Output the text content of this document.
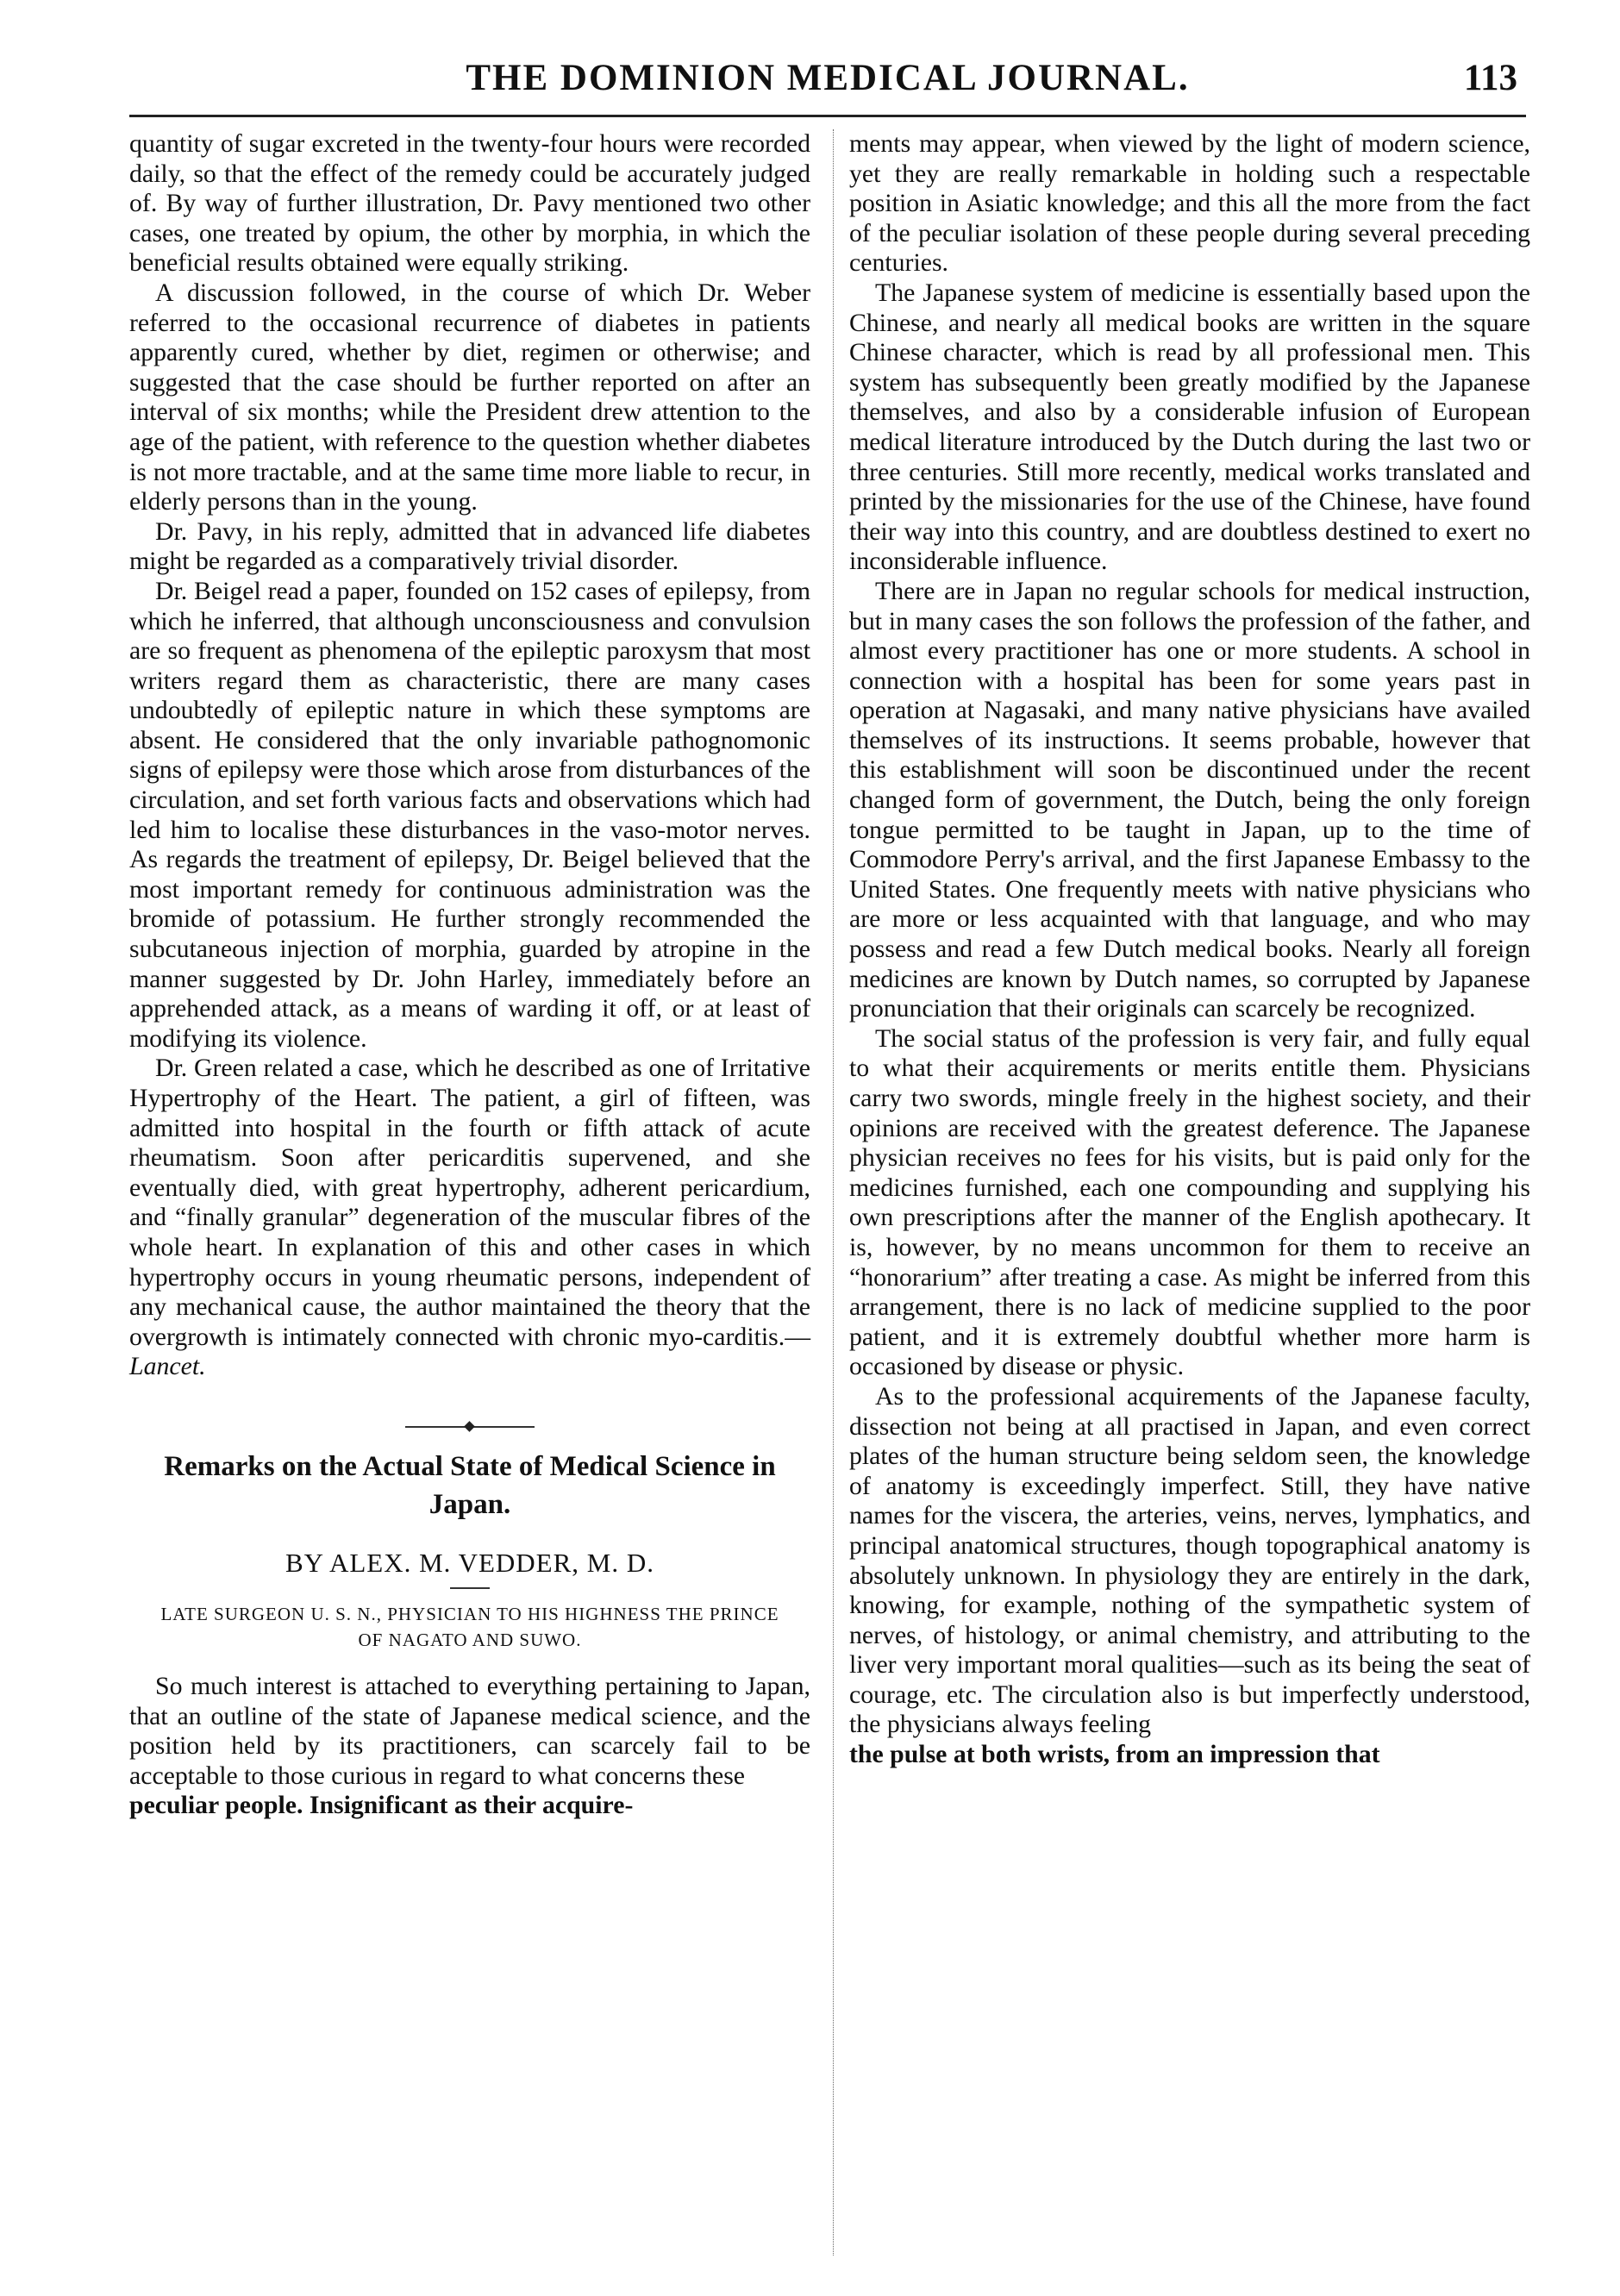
THE DOMINION MEDICAL JOURNAL.	113

quantity of sugar excreted in the twenty-four hours were recorded daily, so that the effect of the remedy could be accurately judged of. By way of further illustration, Dr. Pavy mentioned two other cases, one treated by opium, the other by morphia, in which the beneficial results obtained were equally striking.

A discussion followed, in the course of which Dr. Weber referred to the occasional recurrence of diabetes in patients apparently cured, whether by diet, regimen or otherwise; and suggested that the case should be further reported on after an interval of six months; while the President drew attention to the age of the patient, with reference to the question whether diabetes is not more tractable, and at the same time more liable to recur, in elderly persons than in the young.

Dr. Pavy, in his reply, admitted that in advanced life diabetes might be regarded as a comparatively trivial disorder.

Dr. Beigel read a paper, founded on 152 cases of epilepsy, from which he inferred, that although unconsciousness and convulsion are so frequent as phenomena of the epileptic paroxysm that most writers regard them as characteristic, there are many cases undoubtedly of epileptic nature in which these symptoms are absent. He considered that the only invariable pathognomonic signs of epilepsy were those which arose from disturbances of the circulation, and set forth various facts and observations which had led him to localise these disturbances in the vaso-motor nerves. As regards the treatment of epilepsy, Dr. Beigel believed that the most important remedy for continuous administration was the bromide of potassium. He further strongly recommended the subcutaneous injection of morphia, guarded by atropine in the manner suggested by Dr. John Harley, immediately before an apprehended attack, as a means of warding it off, or at least of modifying its violence.

Dr. Green related a case, which he described as one of Irritative Hypertrophy of the Heart. The patient, a girl of fifteen, was admitted into hospital in the fourth or fifth attack of acute rheumatism. Soon after pericarditis supervened, and she eventually died, with great hypertrophy, adherent pericardium, and “finally granular” degeneration of the muscular fibres of the whole heart. In explanation of this and other cases in which hypertrophy occurs in young rheumatic persons, independent of any mechanical cause, the author maintained the theory that the overgrowth is intimately connected with chronic myo-carditis.—Lancet.

Remarks on the Actual State of Medical Science in Japan.
BY ALEX. M. VEDDER, M. D.
LATE SURGEON U. S. N., PHYSICIAN TO HIS HIGHNESS THE PRINCE OF NAGATO AND SUWO.

So much interest is attached to everything pertaining to Japan, that an outline of the state of Japanese medical science, and the position held by its practitioners, can scarcely fail to be acceptable to those curious in regard to what concerns these

peculiar people. Insignificant as their acquire-

ments may appear, when viewed by the light of modern science, yet they are really remarkable in holding such a respectable position in Asiatic knowledge; and this all the more from the fact of the peculiar isolation of these people during several preceding centuries.

The Japanese system of medicine is essentially based upon the Chinese, and nearly all medical books are written in the square Chinese character, which is read by all professional men. This system has subsequently been greatly modified by the Japanese themselves, and also by a considerable infusion of European medical literature introduced by the Dutch during the last two or three centuries. Still more recently, medical works translated and printed by the missionaries for the use of the Chinese, have found their way into this country, and are doubtless destined to exert no inconsiderable influence.

There are in Japan no regular schools for medical instruction, but in many cases the son follows the profession of the father, and almost every practitioner has one or more students. A school in connection with a hospital has been for some years past in operation at Nagasaki, and many native physicians have availed themselves of its instructions. It seems probable, however that this establishment will soon be discontinued under the recent changed form of government, the Dutch, being the only foreign tongue permitted to be taught in Japan, up to the time of Commodore Perry's arrival, and the first Japanese Embassy to the United States. One frequently meets with native physicians who are more or less acquainted with that language, and who may possess and read a few Dutch medical books. Nearly all foreign medicines are known by Dutch names, so corrupted by Japanese pronunciation that their originals can scarcely be recognized.

The social status of the profession is very fair, and fully equal to what their acquirements or merits entitle them. Physicians carry two swords, mingle freely in the highest society, and their opinions are received with the greatest deference. The Japanese physician receives no fees for his visits, but is paid only for the medicines furnished, each one compounding and supplying his own prescriptions after the manner of the English apothecary. It is, however, by no means uncommon for them to receive an “honorarium” after treating a case. As might be inferred from this arrangement, there is no lack of medicine supplied to the poor patient, and it is extremely doubtful whether more harm is occasioned by disease or physic.

As to the professional acquirements of the Japanese faculty, dissection not being at all practised in Japan, and even correct plates of the human structure being seldom seen, the knowledge of anatomy is exceedingly imperfect. Still, they have native names for the viscera, the arteries, veins, nerves, lymphatics, and principal anatomical structures, though topographical anatomy is absolutely unknown. In physiology they are entirely in the dark, knowing, for example, nothing of the sympathetic system of nerves, of histology, or animal chemistry, and attributing to the liver very important moral qualities—such as its being the seat of courage, etc. The circulation also is but imperfectly understood, the physicians always feeling

the pulse at both wrists, from an impression that
